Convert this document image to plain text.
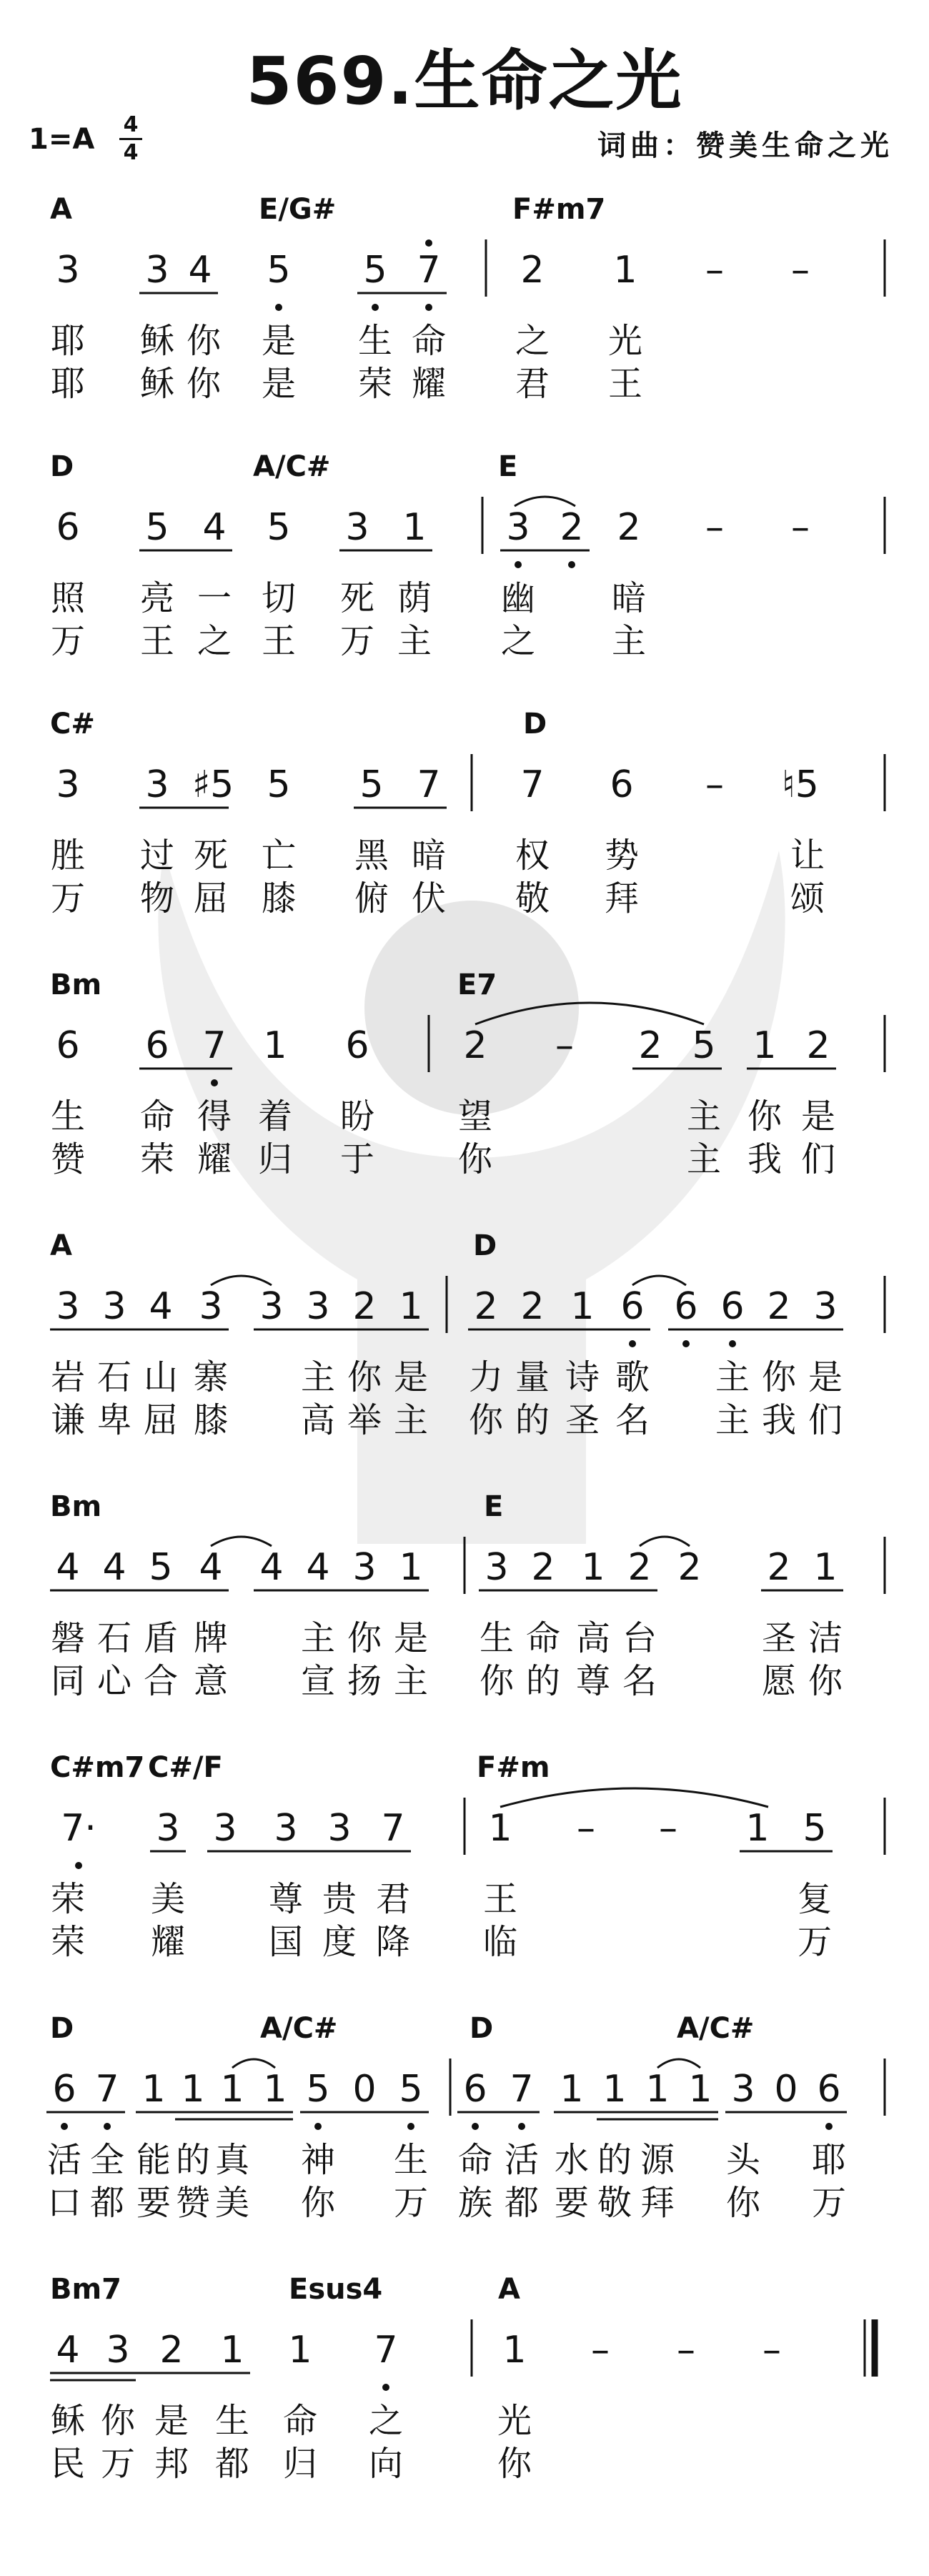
569.生命之光
1=A 4
4	词曲：赞美生命之光
A	E/G#	F#m7
3 3 4 5 5 7 2 1 – –
耶 稣 你 是 生 命 之 光
耶 稣 你 是 荣 耀 君 王
D	A/C#	E
6 5 4 5 3 1 3 2 2 – –
照 亮 一 切 死 荫 幽 暗
万 王 之 王 万 主 之 主
C#	D
3 3 ♯5 5 5 7 7 6 – ♮5
胜 过 死 亡 黑 暗 权 势	让
万 物 屈 膝 俯 伏 敬 拜	颂
Bm	E7
6 6 7 1 6	2 – 2 5 1 2
生 命 得 着 盼 望	主 你 是
赞 荣 耀 归 于 你	主 我 们
A	D
3 3 4 3 3 3 2 1 2 2 1 6 6 6 2 3
岩 石 山 寨 主 你 是 力 量 诗 歌 主 你 是
谦 卑 屈 膝 高 举 主 你 的 圣 名 主 我 们
Bm	E
4 4 5 4 4 4 3 1 3 2 1 2 2 2 1
磐 石 盾 牌 主 你 是 生 命 高 台	圣 洁
同 心 合 意 宣 扬 主 你 的 尊 名	愿 你
C#m7 C#/F	F#m
7· 3 3 3 3 7 1 – – 1 5
荣 美 尊 贵 君 王	复
荣 耀 国 度 降 临	万
D	A/C#	D	A/C#
6 7 1 1 1 1 5 0 5 6 7 1 1 1 1 3 0 6
活 全 能 的 真 神 生 命 活 水 的 源 头 耶
口 都 要 赞 美 你 万 族 都 要 敬 拜 你 万
Bm7	Esus4	A
4 3 2 1 1 7	1 – – –
稣 你 是 生 命 之	光
民 万 邦 都 归 向	你
